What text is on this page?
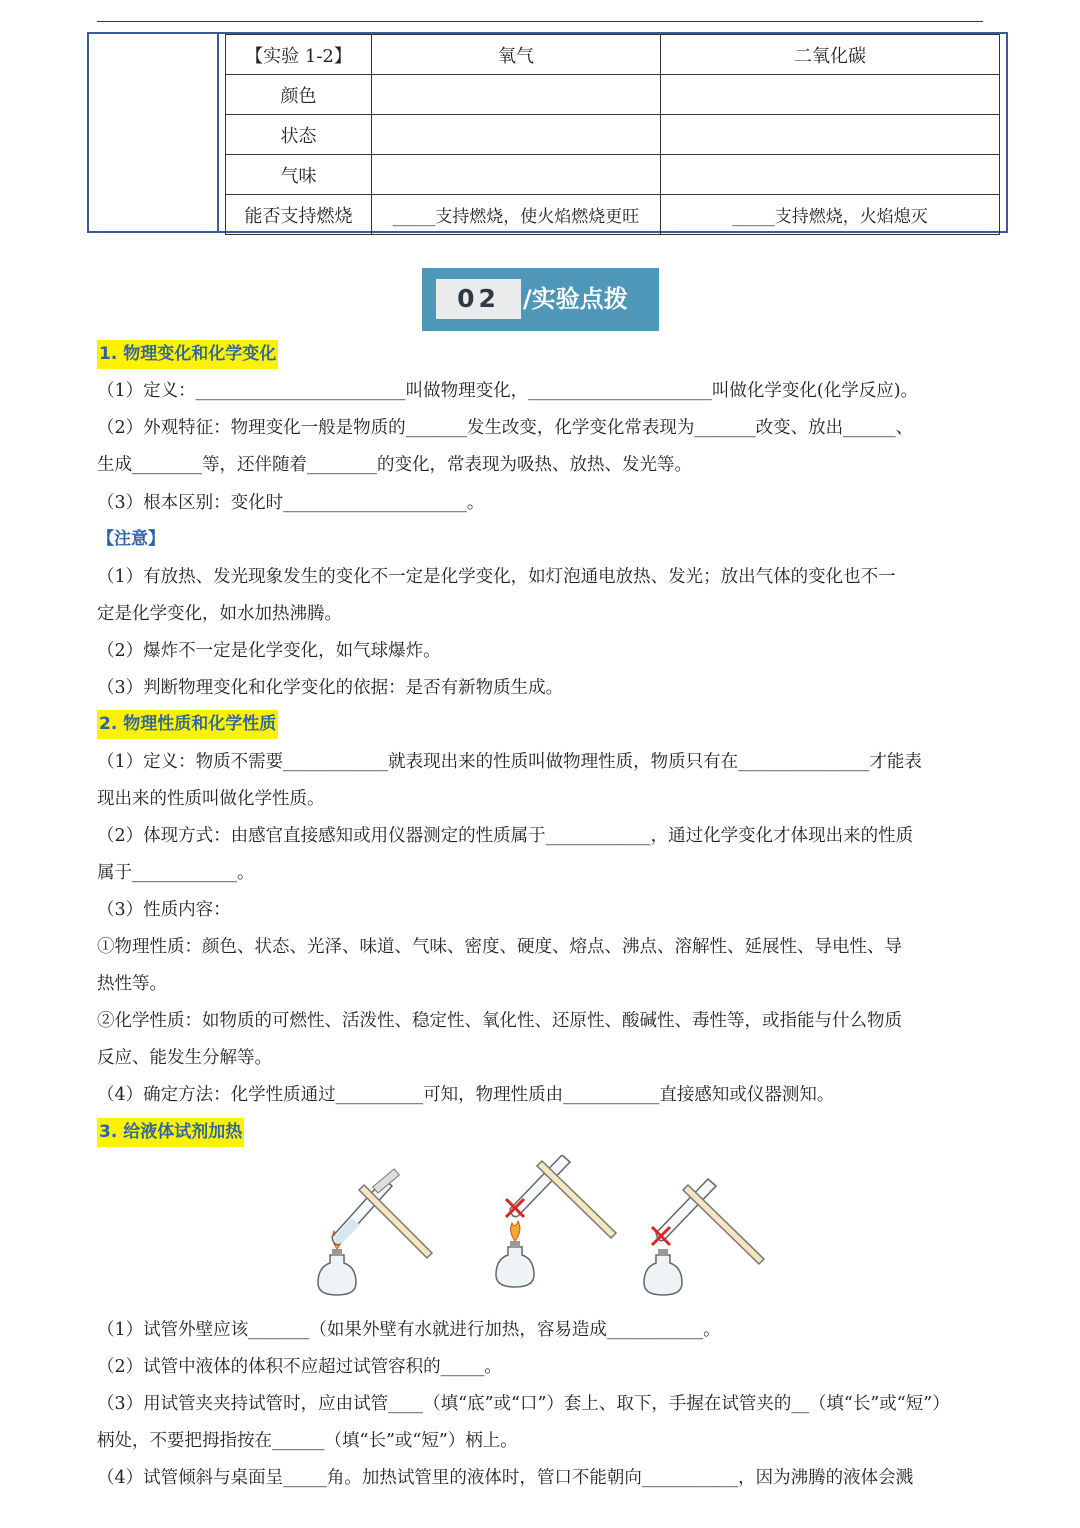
【实验 1-2】	氧气	二氧化碳
颜色		
状态		
气味		
能否支持燃烧	_____支持燃烧，使火焰燃烧更旺	_____支持燃烧，火焰熄灭
02 /实验点拨
1. 物理变化和化学变化
（1）定义：________________________叫做物理变化，_____________________叫做化学变化(化学反应)。
（2）外观特征：物理变化一般是物质的_______发生改变，化学变化常表现为_______改变、放出______、
生成________等，还伴随着________的变化，常表现为吸热、放热、发光等。
（3）根本区别：变化时_____________________。
【注意】
（1）有放热、发光现象发生的变化不一定是化学变化，如灯泡通电放热、发光；放出气体的变化也不一
定是化学变化，如水加热沸腾。
（2）爆炸不一定是化学变化，如气球爆炸。
（3）判断物理变化和化学变化的依据：是否有新物质生成。
2. 物理性质和化学性质
（1）定义：物质不需要____________就表现出来的性质叫做物理性质，物质只有在_______________才能表
现出来的性质叫做化学性质。
（2）体现方式：由感官直接感知或用仪器测定的性质属于____________，通过化学变化才体现出来的性质
属于____________。
（3）性质内容：
①物理性质：颜色、状态、光泽、味道、气味、密度、硬度、熔点、沸点、溶解性、延展性、导电性、导
热性等。
②化学性质：如物质的可燃性、活泼性、稳定性、氧化性、还原性、酸碱性、毒性等，或指能与什么物质
反应、能发生分解等。
（4）确定方法：化学性质通过__________可知，物理性质由___________直接感知或仪器测知。
3. 给液体试剂加热
（1）试管外壁应该_______（如果外壁有水就进行加热，容易造成___________。
（2）试管中液体的体积不应超过试管容积的_____。
（3）用试管夹夹持试管时，应由试管____（填“底”或“口”）套上、取下，手握在试管夹的__（填“长”或“短”）
柄处，不要把拇指按在______（填“长”或“短”）柄上。
（4）试管倾斜与桌面呈_____角。加热试管里的液体时，管口不能朝向___________，因为沸腾的液体会溅
